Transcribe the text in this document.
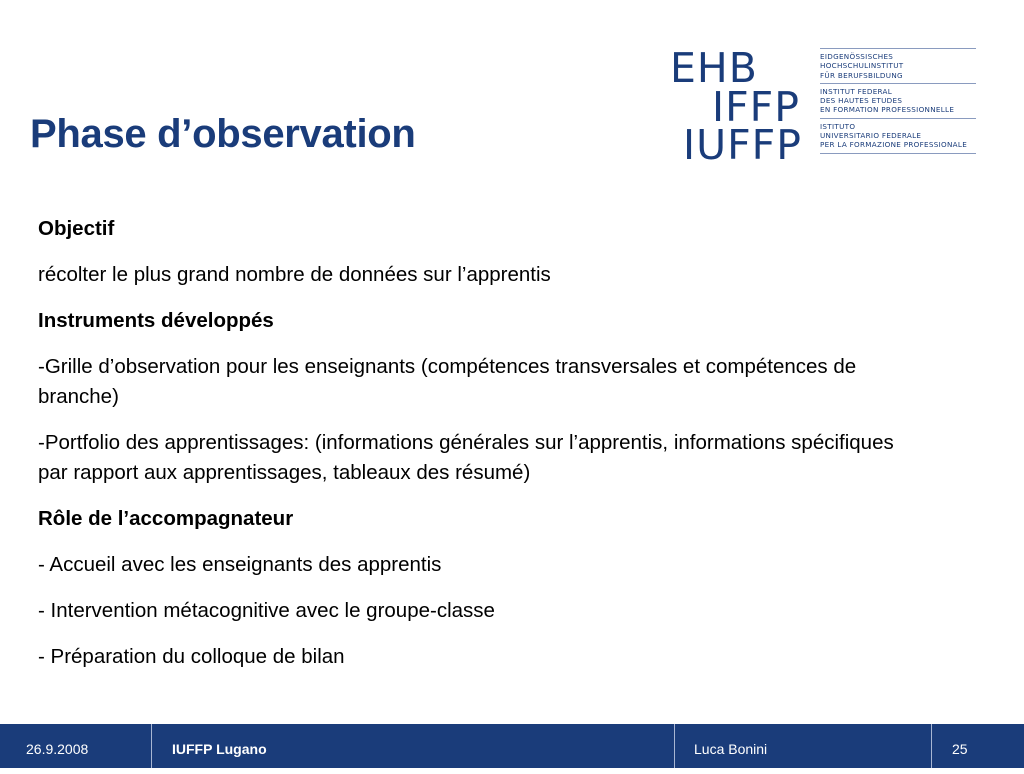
Phase d’observation
EHB
IFFP
IUFFP
EIDGENÖSSISCHES
HOCHSCHULINSTITUT
FÜR BERUFSBILDUNG
INSTITUT FEDERAL
DES HAUTES ETUDES
EN FORMATION PROFESSIONNELLE
ISTITUTO
UNIVERSITARIO FEDERALE
PER LA FORMAZIONE PROFESSIONALE

Objectif

récolter le plus grand nombre de données sur l’apprentis

Instruments développés

-Grille d’observation pour les enseignants (compétences transversales et compétences de branche)

-Portfolio des apprentissages: (informations générales sur l’apprentis, informations spécifiques par rapport aux apprentissages, tableaux des résumé)

Rôle de l’accompagnateur

- Accueil avec les enseignants des apprentis

- Intervention métacognitive avec le groupe-classe

- Préparation du colloque de bilan

26.9.2008	IUFFP Lugano	Luca Bonini	25
